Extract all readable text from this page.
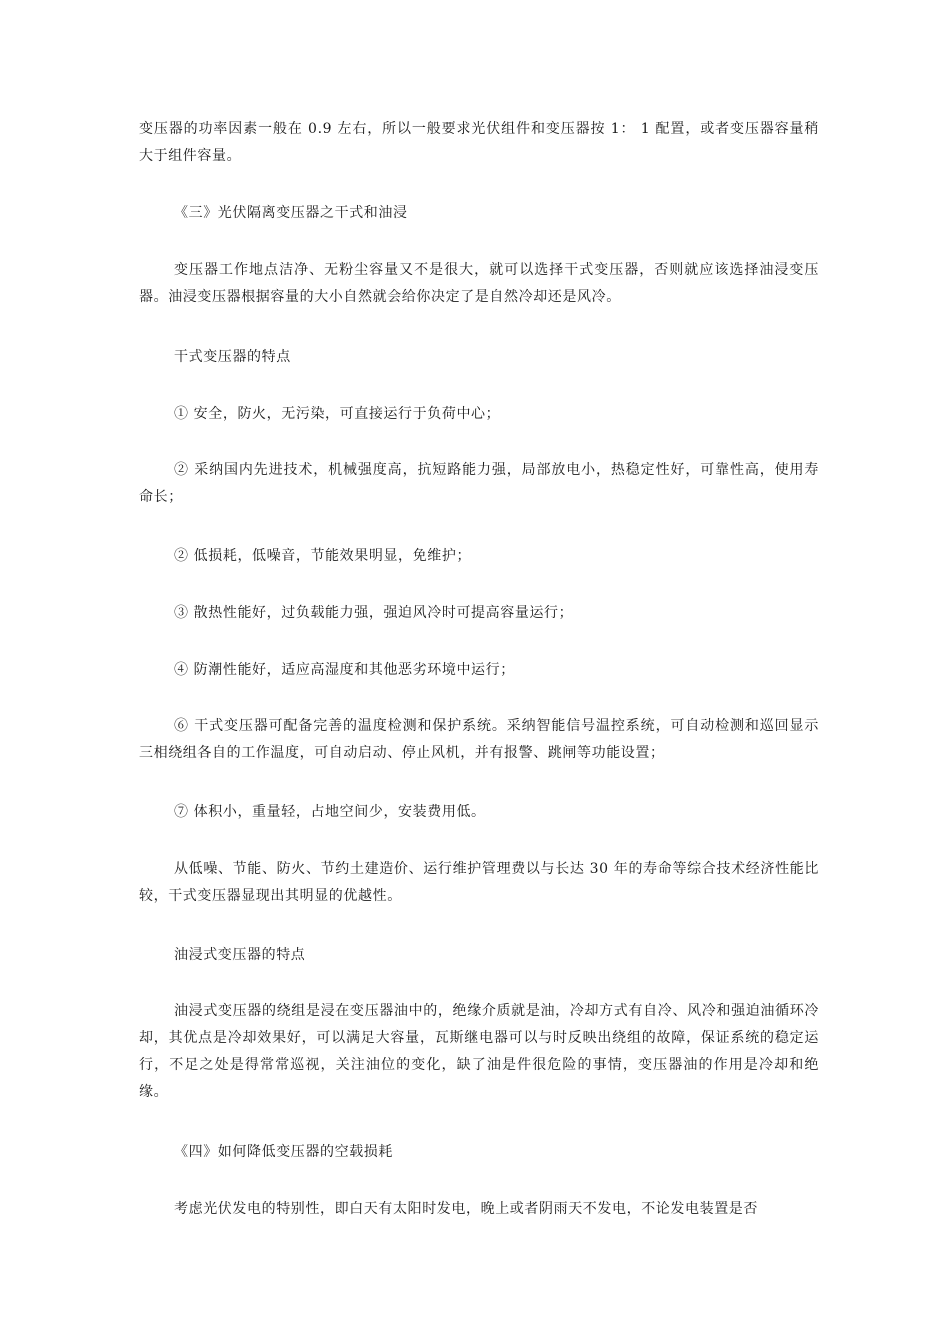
变压器的功率因素一般在 0.9 左右，所以一般要求光伏组件和变压器按 1： 1 配置，或者变压器容量稍大于组件容量。

《三》光伏隔离变压器之干式和油浸

变压器工作地点洁净、无粉尘容量又不是很大，就可以选择干式变压器，否则就应该选择油浸变压器。油浸变压器根据容量的大小自然就会给你决定了是自然冷却还是风冷。

干式变压器的特点

① 安全，防火，无污染，可直接运行于负荷中心；

② 采纳国内先进技术，机械强度高，抗短路能力强，局部放电小，热稳定性好，可靠性高，使用寿命长；

② 低损耗，低噪音，节能效果明显，免维护；

③ 散热性能好，过负载能力强，强迫风冷时可提高容量运行；

④ 防潮性能好，适应高湿度和其他恶劣环境中运行；

⑥ 干式变压器可配备完善的温度检测和保护系统。采纳智能信号温控系统，可自动检测和巡回显示三相绕组各自的工作温度，可自动启动、停止风机，并有报警、跳闸等功能设置；

⑦ 体积小，重量轻，占地空间少，安装费用低。

从低噪、节能、防火、节约土建造价、运行维护管理费以与长达 30 年的寿命等综合技术经济性能比较，干式变压器显现出其明显的优越性。

油浸式变压器的特点

油浸式变压器的绕组是浸在变压器油中的，绝缘介质就是油，冷却方式有自冷、风冷和强迫油循环冷却，其优点是冷却效果好，可以满足大容量，瓦斯继电器可以与时反映出绕组的故障，保证系统的稳定运行，不足之处是得常常巡视，关注油位的变化，缺了油是件很危险的事情，变压器油的作用是冷却和绝缘。

《四》如何降低变压器的空载损耗

考虑光伏发电的特别性，即白天有太阳时发电，晚上或者阴雨天不发电，不论发电装置是否
